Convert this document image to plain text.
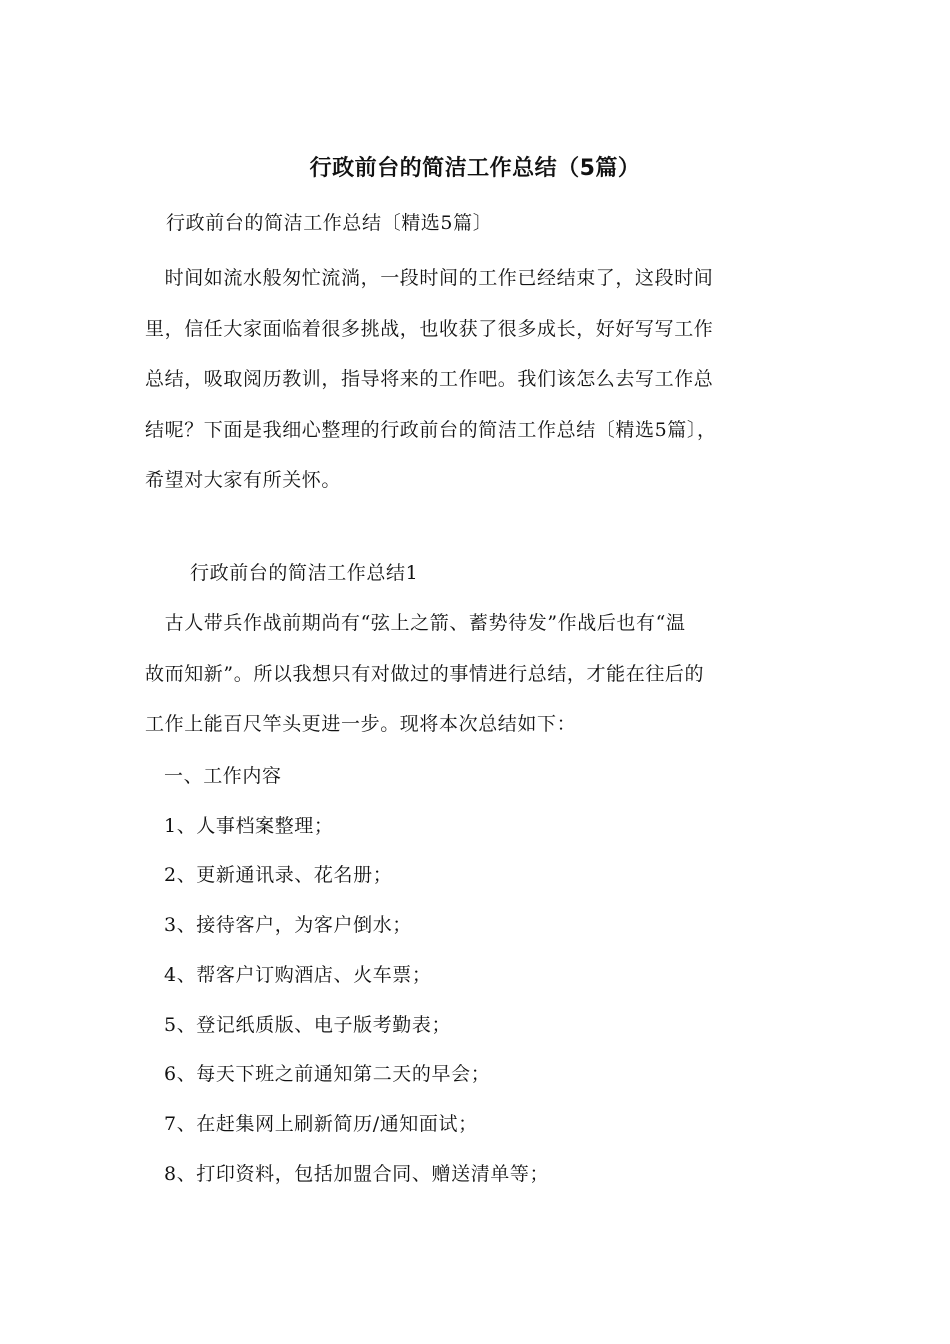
行政前台的简洁工作总结（5篇）
行政前台的简洁工作总结〔精选5篇〕
　时间如流水般匆忙流淌，一段时间的工作已经结束了，这段时间
里，信任大家面临着很多挑战，也收获了很多成长，好好写写工作
总结，吸取阅历教训，指导将来的工作吧。我们该怎么去写工作总
结呢？下面是我细心整理的行政前台的简洁工作总结〔精选5篇〕，
希望对大家有所关怀。
行政前台的简洁工作总结1
　古人带兵作战前期尚有“弦上之箭、蓄势待发”作战后也有“温
故而知新”。所以我想只有对做过的事情进行总结，才能在往后的
工作上能百尺竿头更进一步。现将本次总结如下：
一、工作内容
1、人事档案整理；
2、更新通讯录、花名册；
3、接待客户，为客户倒水；
4、帮客户订购酒店、火车票；
5、登记纸质版、电子版考勤表；
6、每天下班之前通知第二天的早会；
7、在赶集网上刷新简历/通知面试；
8、打印资料，包括加盟合同、赠送清单等；
